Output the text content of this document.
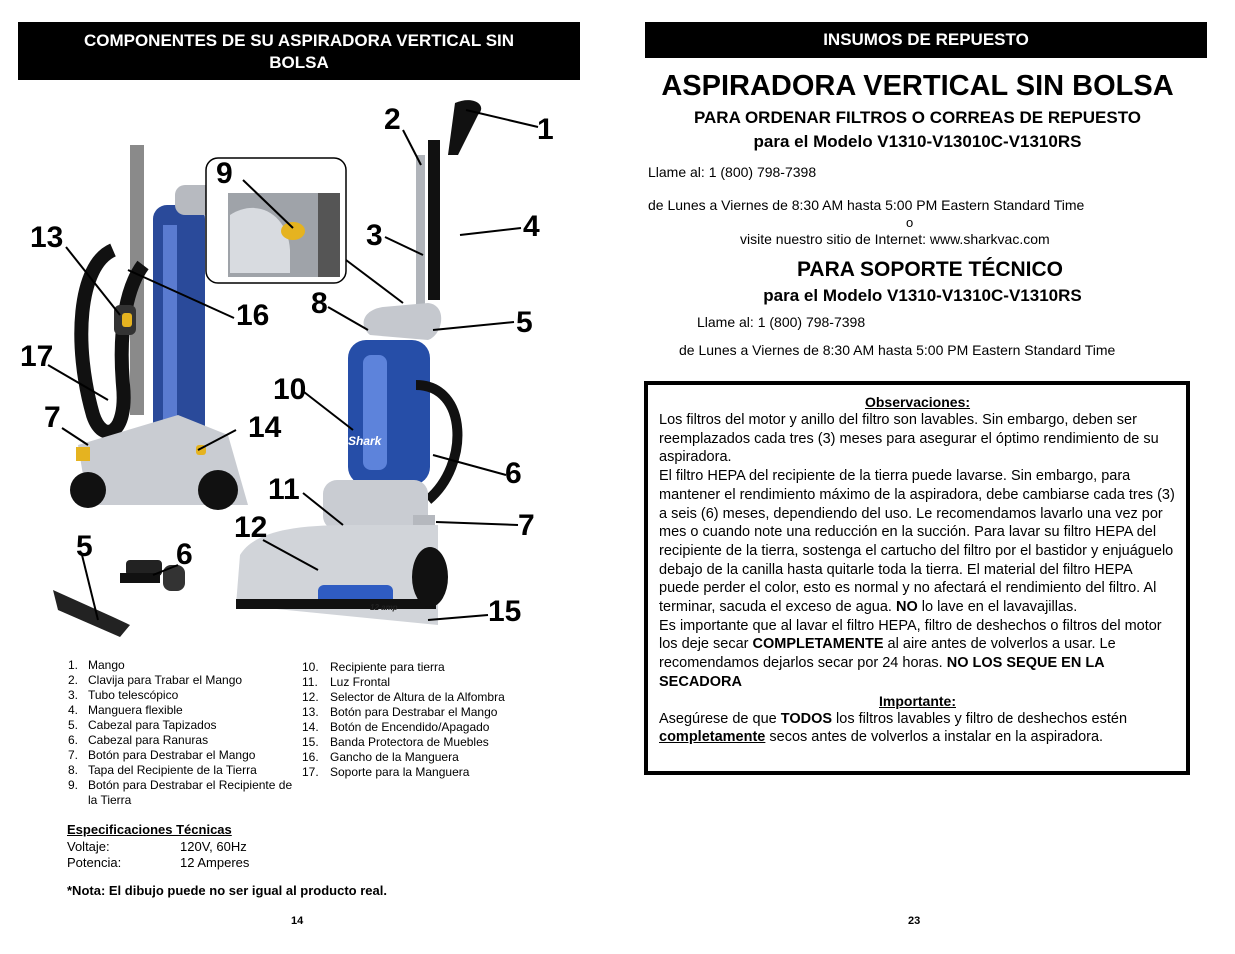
COMPONENTES DE SU ASPIRADORA VERTICAL SIN
BOLSA
Shark
12 amp
1
2
3	4
5
6
7
8
9
10
11
12
13
14
15
16
17
7
5	6
1. Mango
2. Clavija para Trabar el Mango
3. Tubo telescópico
4. Manguera flexible
5. Cabezal para Tapizados
6. Cabezal para Ranuras
7. Botón para Destrabar el Mango
8. Tapa del Recipiente de la Tierra
9. Botón para Destrabar el Recipiente de la Tierra
10. Recipiente para tierra
11.	Luz Frontal
12. Selector de Altura de la Alfombra
13. Botón para Destrabar el Mango
14. Botón de Encendido/Apagado
15. Banda Protectora de Muebles
16. Gancho de la Manguera
17. Soporte para la Manguera
Especificaciones Técnicas
Voltaje:	120V, 60Hz
Potencia:	12 Amperes
*Nota: El dibujo puede no ser igual al producto real.
14
INSUMOS DE REPUESTO
ASPIRADORA VERTICAL SIN BOLSA
PARA ORDENAR FILTROS O CORREAS DE REPUESTO
para el Modelo V1310-V13010C-V1310RS
Llame al: 1 (800) 798-7398
de Lunes a Viernes de 8:30 AM hasta 5:00 PM Eastern Standard Time
o
visite nuestro sitio de Internet: www.sharkvac.com
PARA SOPORTE TÉCNICO
para el Modelo V1310-V1310C-V1310RS
Llame al: 1 (800) 798-7398
de Lunes a Viernes de 8:30 AM hasta 5:00 PM Eastern Standard Time
Observaciones:
Los filtros del motor y anillo del filtro son lavables. Sin embargo, deben ser reemplazados cada tres (3) meses para asegurar el óptimo rendimiento de su aspiradora.
El filtro HEPA del recipiente de la tierra puede lavarse. Sin embargo, para mantener el rendimiento máximo de la aspiradora, debe cambiarse cada tres (3) a seis (6) meses, dependiendo del uso. Le recomendamos lavarlo una vez por mes o cuando note una reducción en la succión. Para lavar su filtro HEPA del recipiente de la tierra, sostenga el cartucho del filtro por el bastidor y enjuáguelo debajo de la canilla hasta quitarle toda la tierra. El material del filtro HEPA puede perder el color, esto es normal y no afectará el rendimiento del filtro. Al terminar, sacuda el exceso de agua. NO lo lave en el lavavajillas.
Es importante que al lavar el filtro HEPA, filtro de deshechos o filtros del motor los deje secar COMPLETAMENTE al aire antes de volverlos a usar. Le recomendamos dejarlos secar por 24 horas. NO LOS SEQUE EN LA SECADORA
Importante:
Asegúrese de que TODOS los filtros lavables y filtro de deshechos estén completamente secos antes de volverlos a instalar en la aspiradora.
23
